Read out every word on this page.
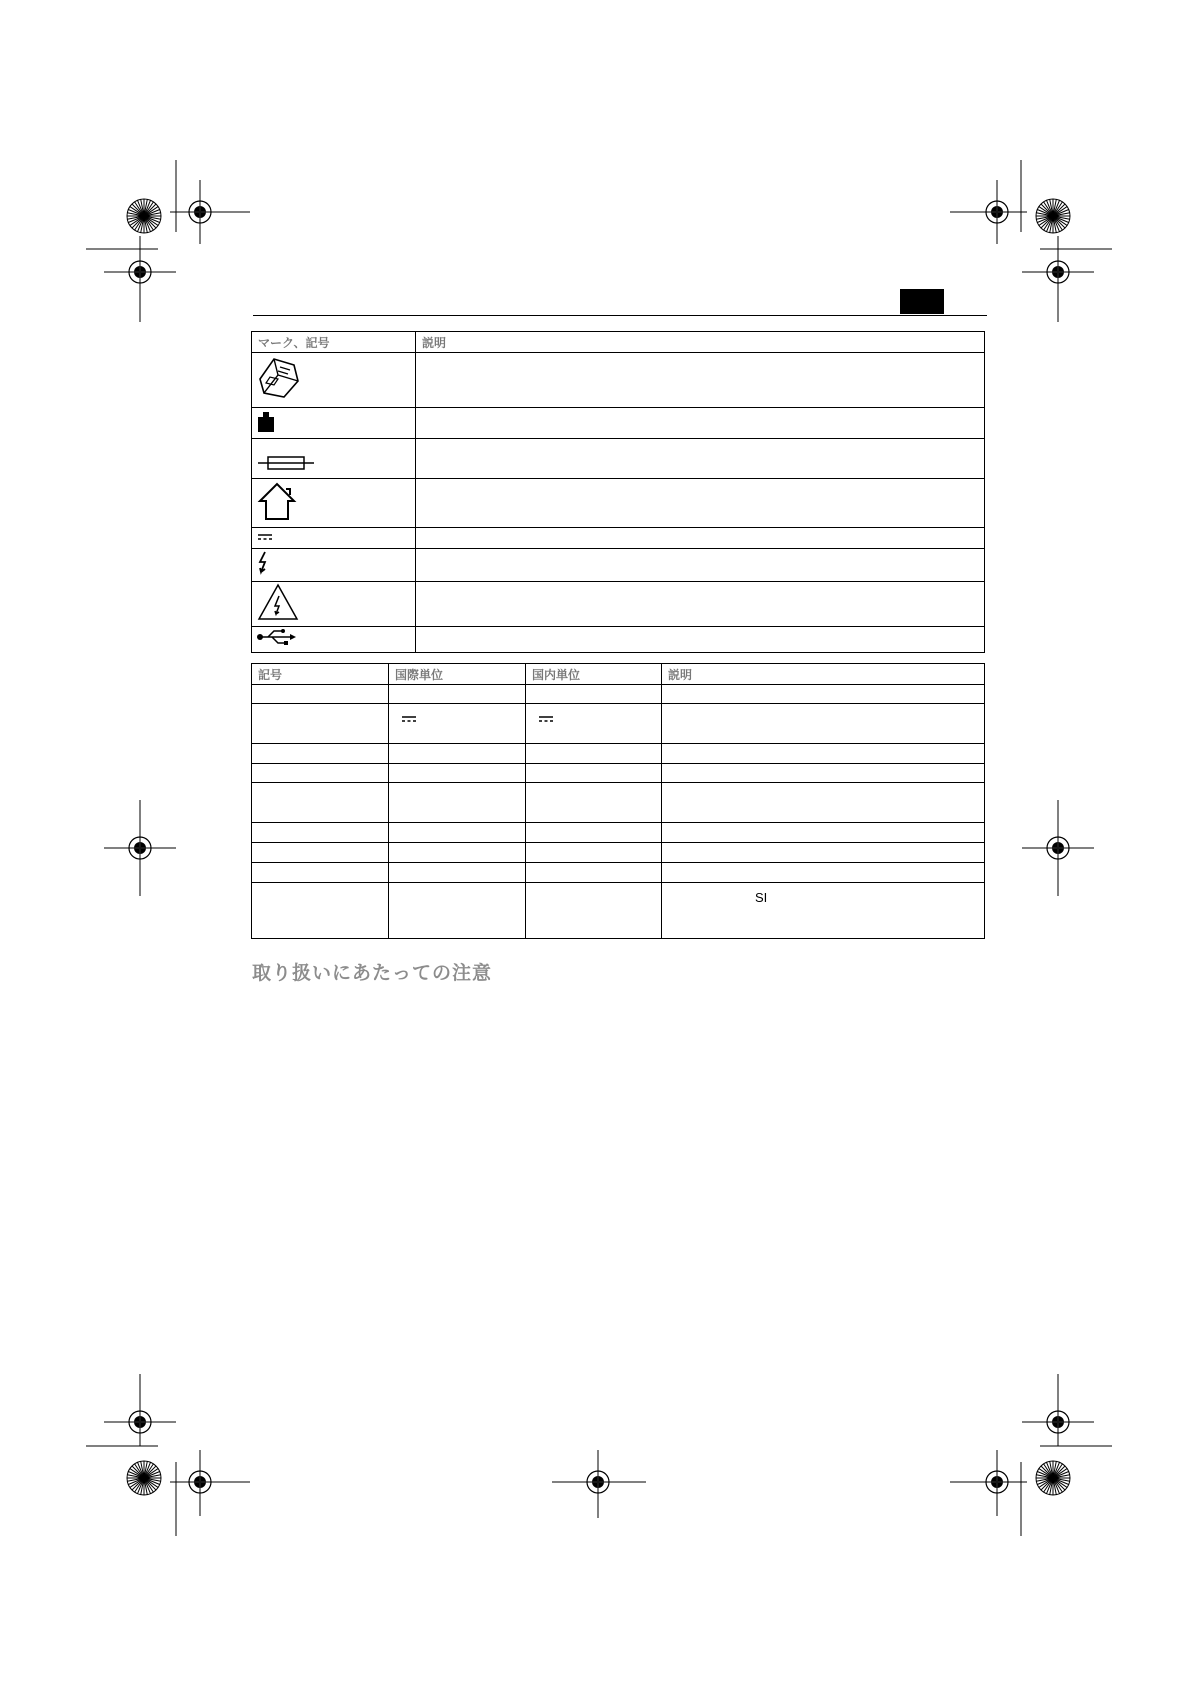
マーク、記号	説明

記号	国際単位	国内単位	説明

			SI
取り扱いにあたっての注意
